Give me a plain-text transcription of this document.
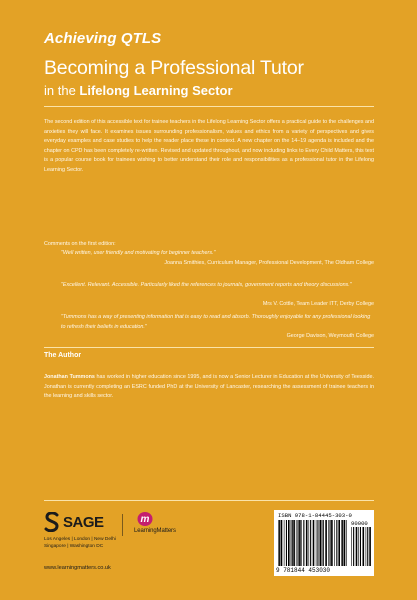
Achieving QTLS
Becoming a Professional Tutor
in the Lifelong Learning Sector

The second edition of this accessible text for trainee teachers in the Lifelong Learning Sector offers a practical guide to the challenges and anxieties they will face. It examines issues surrounding professionalism, values and ethics from a variety of perspectives and gives everyday examples and case studies to help the reader place these in context. A new chapter on the 14–19 agenda is included and the chapter on CPD has been completely re-written. Revised and updated throughout, and now including links to Every Child Matters, this text is a popular course book for trainees wishing to better understand their role and responsibilities as a professional tutor in the Lifelong Learning Sector.

Comments on the first edition:
"Well written, user friendly and motivating for beginner teachers."
Joanna Smithies, Curriculum Manager, Professional Development, The Oldham College
"Excellent. Relevant. Accessible. Particularly liked the references to journals, government reports and theory discussions."
Mrs V. Cottle, Team Leader ITT, Derby College
"Tummons has a way of presenting information that is easy to read and absorb. Thoroughly enjoyable for any professional looking to refresh their beliefs in education."
George Davison, Weymouth College
The Author

Jonathan Tummons has worked in higher education since 1995, and is now a Senior Lecturer in Education at the University of Teesside. Jonathan is currently completing an ESRC funded PhD at the University of Lancaster, researching the assessment of trainee teachers in the learning and skills sector.

SAGE
Los Angeles | London | New Delhi
Singapore | Washington DC
m
LearningMatters
www.learningmatters.co.uk
ISBN 978-1-84445-303-0
90000
9 781844 453030
